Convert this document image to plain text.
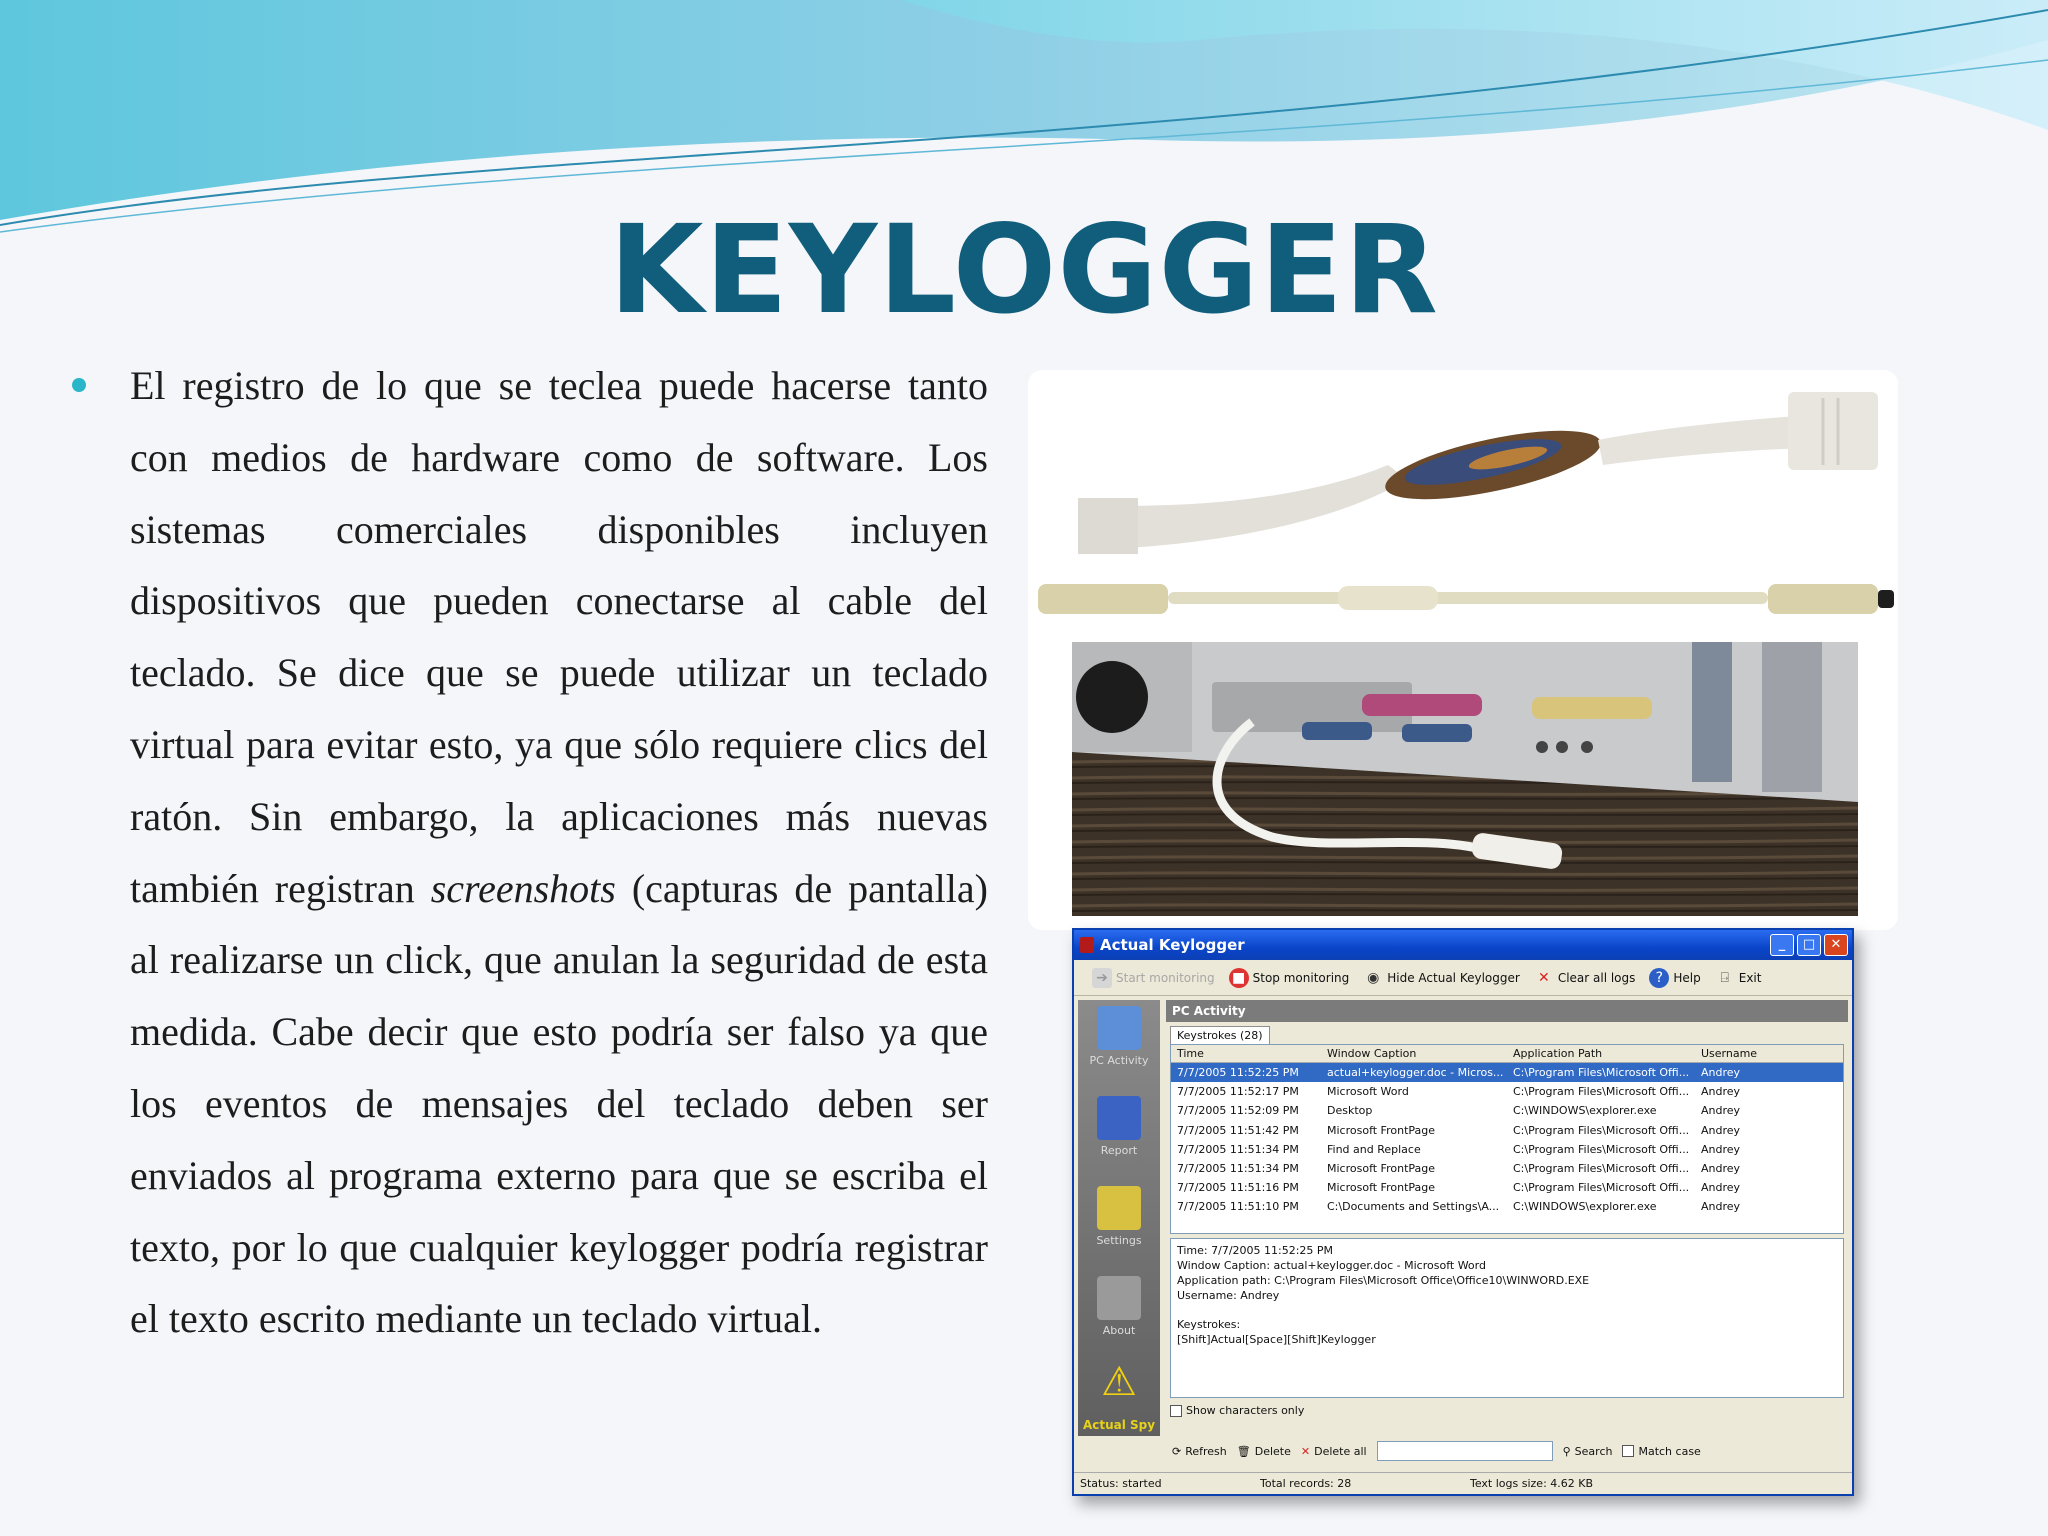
KEYLOGGER

El registro de lo que se teclea puede hacerse tanto con medios de hardware como de software. Los sistemas comerciales disponibles incluyen dispositivos que pueden conectarse al cable del teclado. Se dice que se puede utilizar un teclado virtual para evitar esto, ya que sólo requiere clics del ratón. Sin embargo, la aplicaciones más nuevas también registran screenshots (capturas de pantalla) al realizarse un click, que anulan la seguridad de esta medida. Cabe decir que esto podría ser falso ya que los eventos de mensajes del teclado deben ser enviados al programa externo para que se escriba el texto, por lo que cualquier keylogger podría registrar el texto escrito mediante un teclado virtual.

Actual Keylogger	_	□	✕
➔ Start monitoring ■ Stop monitoring ◉ Hide Actual Keylogger ✕ Clear all logs	? Help	⍈ Exit
PC Activity
Report
Settings
About
⚠
Actual Spy
PC Activity
Keystrokes (28)
Time	Window Caption	Application Path	Username
7/7/2005 11:52:25 PM	actual+keylogger.doc - Micros... C:\Program Files\Microsoft Offi...	Andrey
7/7/2005 11:52:17 PM	Microsoft Word	C:\Program Files\Microsoft Offi...	Andrey
7/7/2005 11:52:09 PM	Desktop	C:\WINDOWS\explorer.exe	Andrey
7/7/2005 11:51:42 PM	Microsoft FrontPage	C:\Program Files\Microsoft Offi...	Andrey
7/7/2005 11:51:34 PM	Find and Replace	C:\Program Files\Microsoft Offi...	Andrey
7/7/2005 11:51:34 PM	Microsoft FrontPage	C:\Program Files\Microsoft Offi...	Andrey
7/7/2005 11:51:16 PM	Microsoft FrontPage	C:\Program Files\Microsoft Offi...	Andrey
7/7/2005 11:51:10 PM	C:\Documents and Settings\A...	C:\WINDOWS\explorer.exe	Andrey
Time: 7/7/2005 11:52:25 PM
Window Caption: actual+keylogger.doc - Microsoft Word
Application path: C:\Program Files\Microsoft Office\Office10\WINWORD.EXE
Username: Andrey
Keystrokes:
[Shift]Actual[Space][Shift]Keylogger
Show characters only
⟳ Refresh 🗑 Delete ✕ Delete all	⚲ Search Match case
Status: started	Total records: 28	Text logs size: 4.62 KB
